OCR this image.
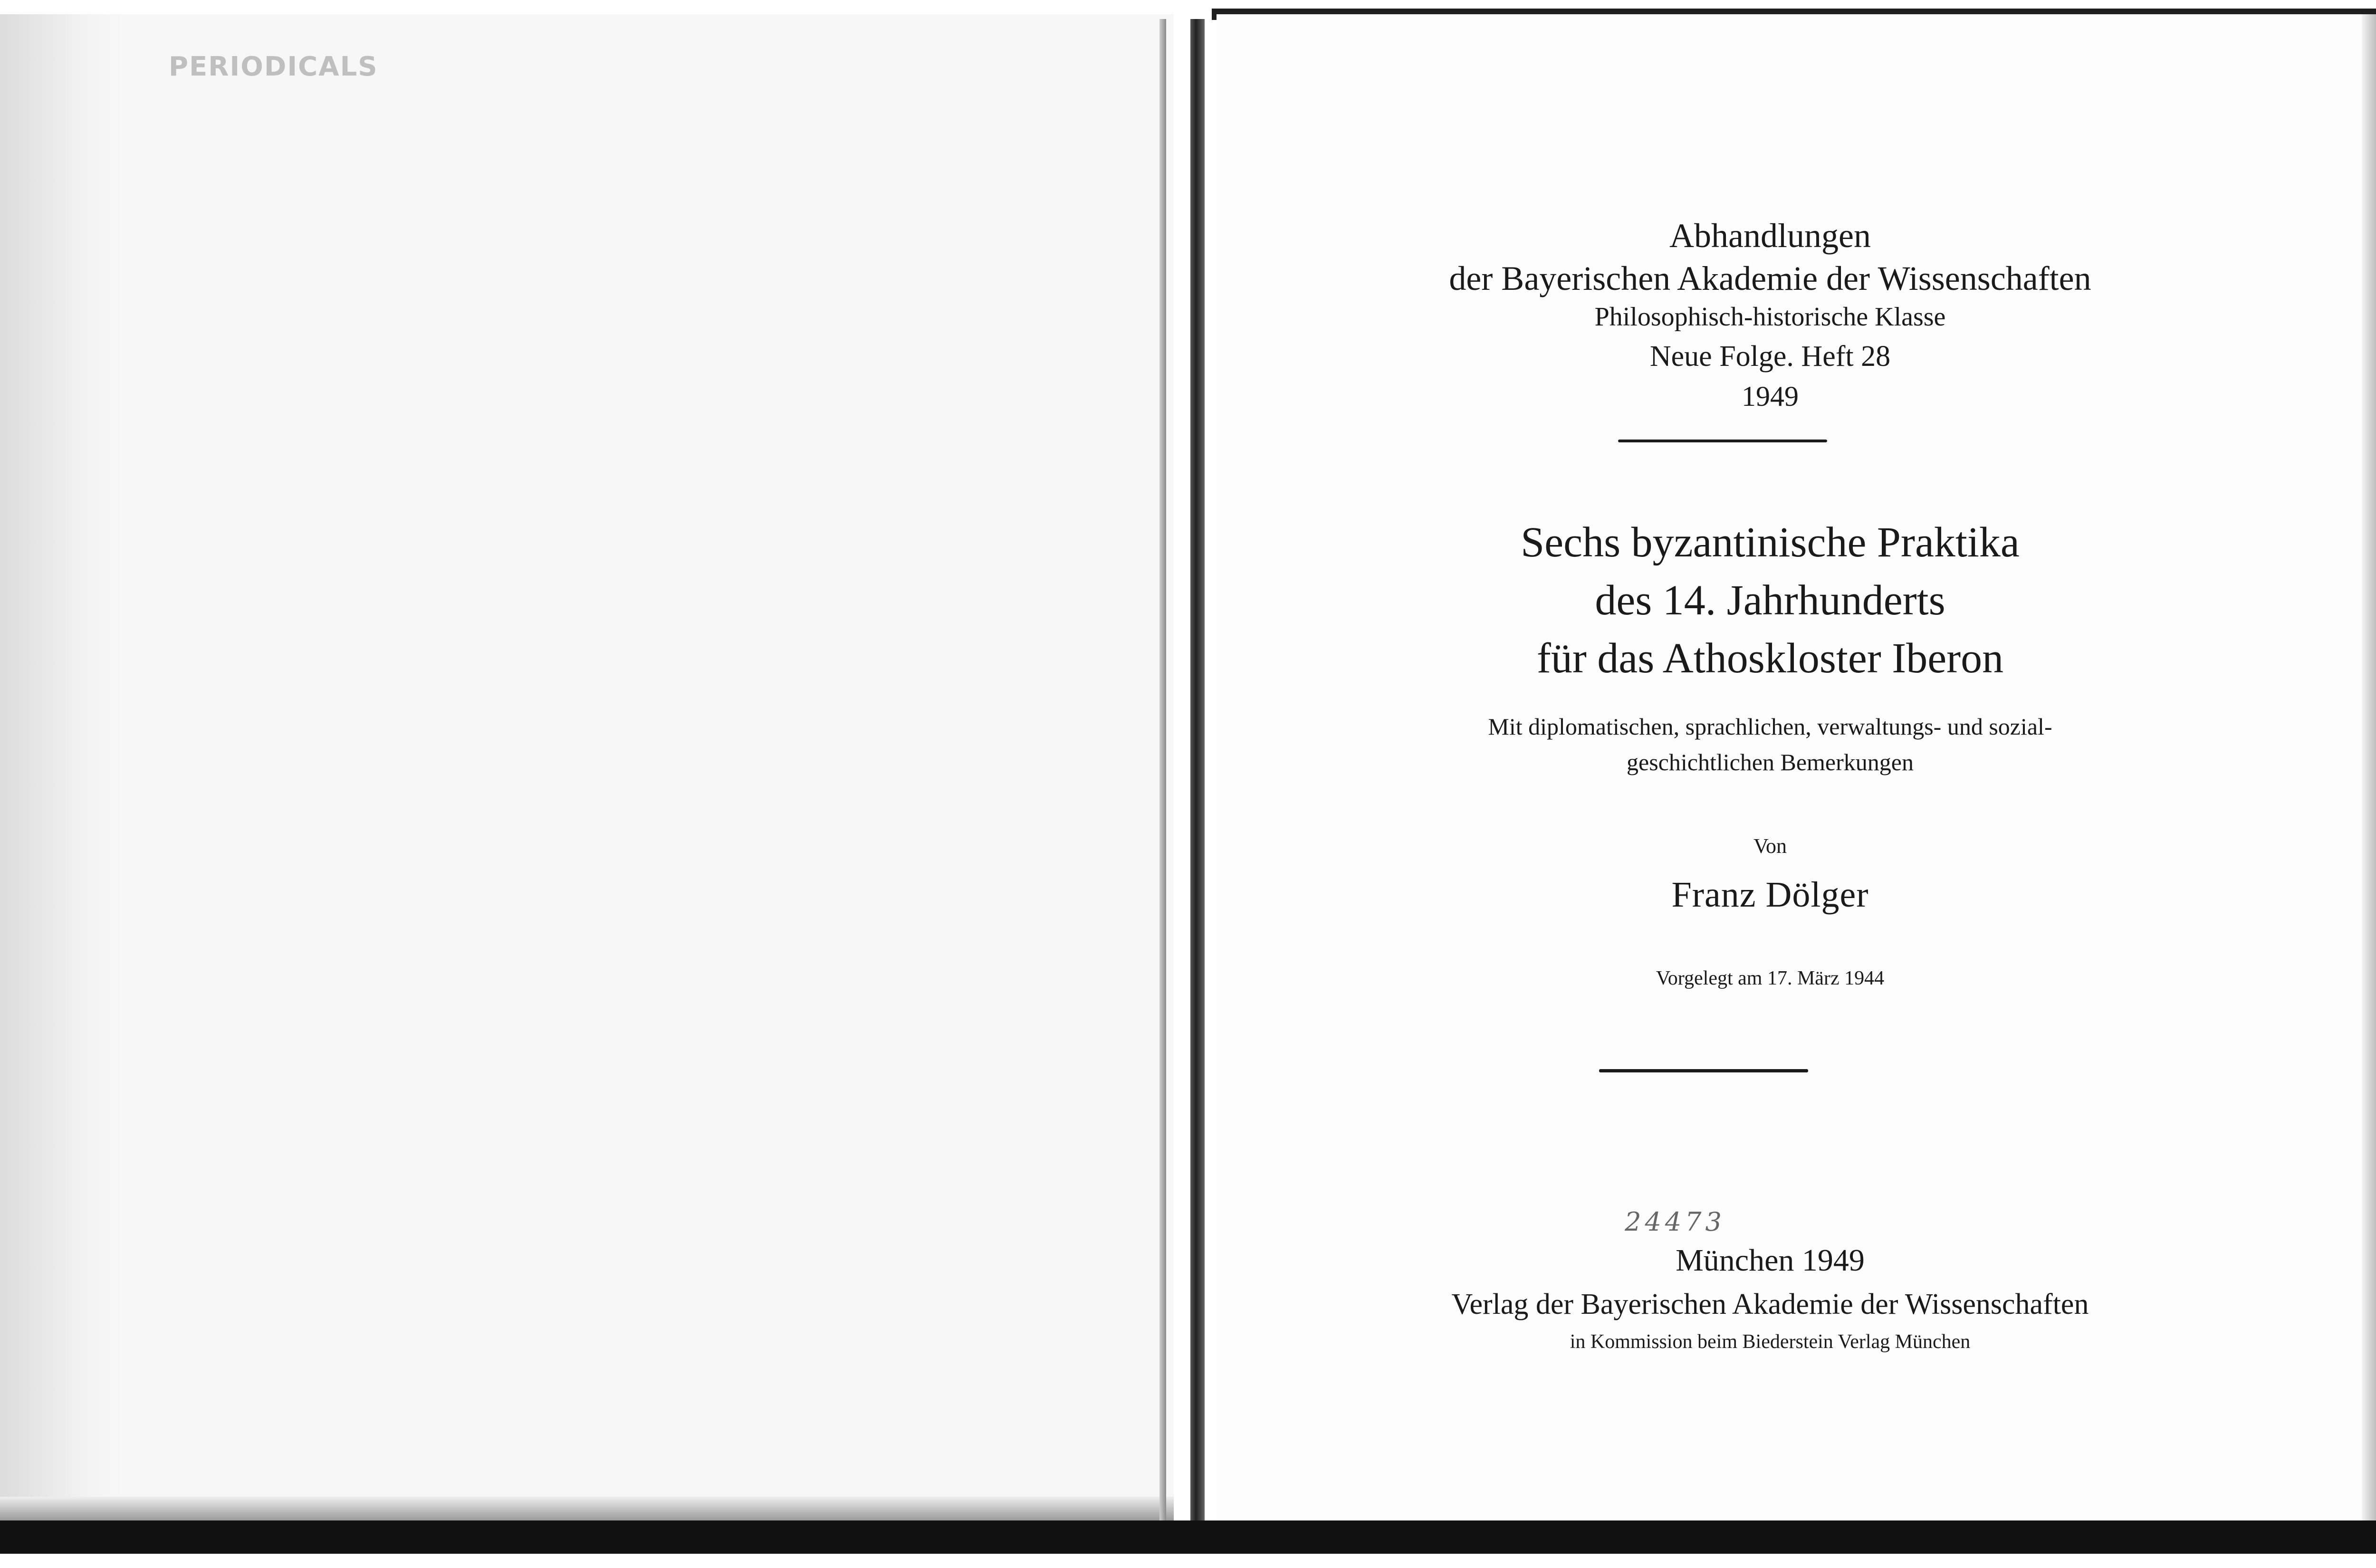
PERIODICALS
Abhandlungen
der Bayerischen Akademie der Wissenschaften
Philosophisch-historische Klasse
Neue Folge. Heft 28
1949
Sechs byzantinische Praktika
des 14. Jahrhunderts
für das Athoskloster Iberon
Mit diplomatischen, sprachlichen, verwaltungs- und sozial-
geschichtlichen Bemerkungen
Von
Franz Dölger
Vorgelegt am 17. März 1944
24473
München 1949
Verlag der Bayerischen Akademie der Wissenschaften
in Kommission beim Biederstein Verlag München
